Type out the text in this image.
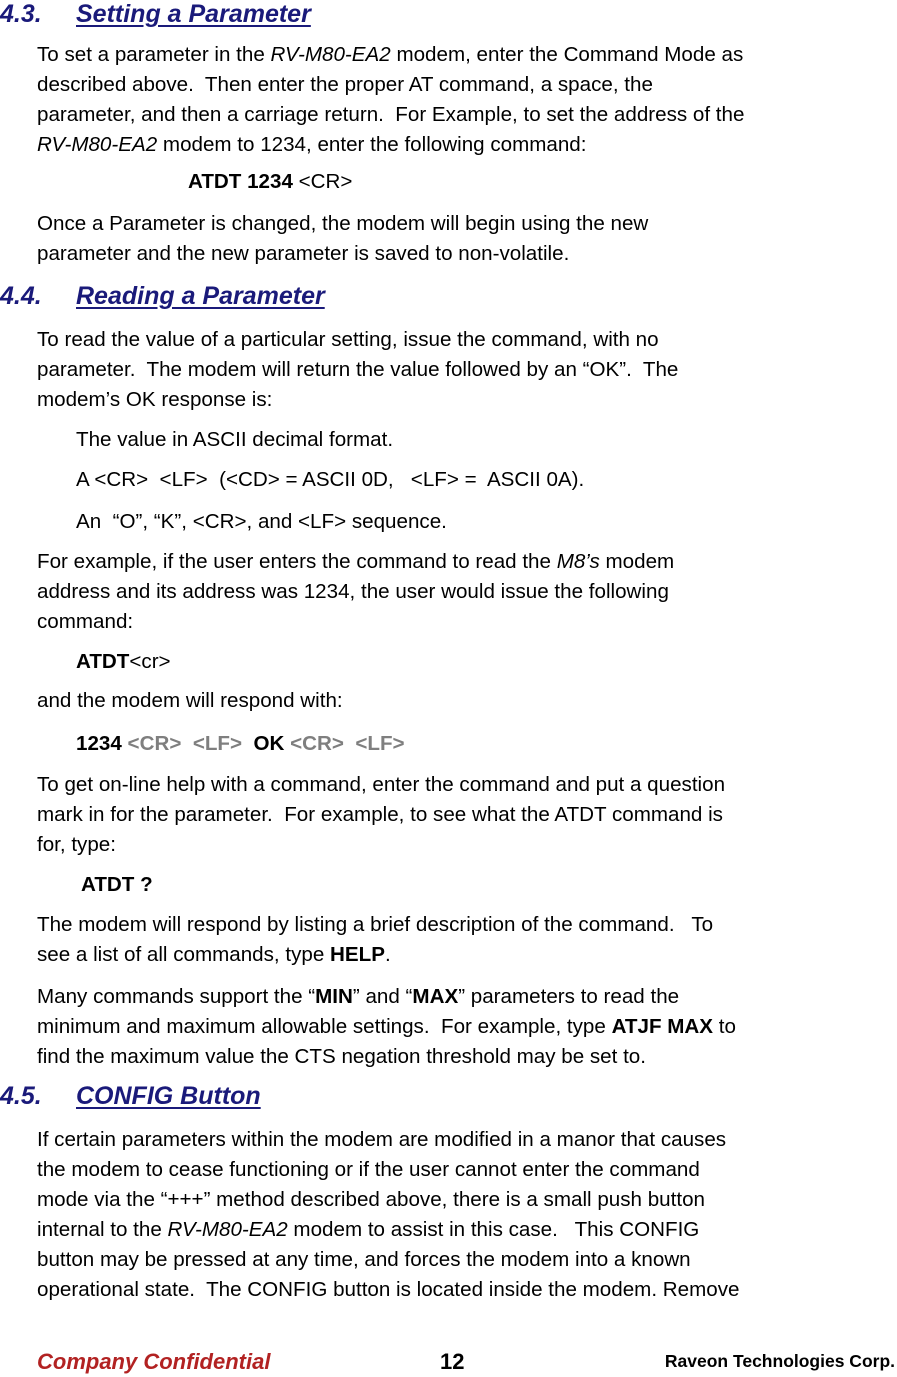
4.3. Setting a Parameter

To set a parameter in the RV-M80-EA2 modem, enter the Command Mode as
described above.  Then enter the proper AT command, a space, the
parameter, and then a carriage return.  For Example, to set the address of the
RV-M80-EA2 modem to 1234, enter the following command:

ATDT 1234 <CR>

Once a Parameter is changed, the modem will begin using the new
parameter and the new parameter is saved to non-volatile.

4.4. Reading a Parameter

To read the value of a particular setting, issue the command, with no
parameter.  The modem will return the value followed by an “OK”.  The
modem’s OK response is:

The value in ASCII decimal format.

A <CR>  <LF>  (<CD> = ASCII 0D,   <LF> =  ASCII 0A).

An  “O”, “K”, <CR>, and <LF> sequence.

For example, if the user enters the command to read the M8’s modem
address and its address was 1234, the user would issue the following
command:

ATDT<cr>

and the modem will respond with:

1234 <CR> <LF> OK <CR> <LF>

To get on-line help with a command, enter the command and put a question
mark in for the parameter.  For example, to see what the ATDT command is
for, type:

ATDT ?

The modem will respond by listing a brief description of the command.   To
see a list of all commands, type HELP.

Many commands support the “MIN” and “MAX” parameters to read the
minimum and maximum allowable settings.  For example, type ATJF MAX to
find the maximum value the CTS negation threshold may be set to.

4.5. CONFIG Button

If certain parameters within the modem are modified in a manor that causes
the modem to cease functioning or if the user cannot enter the command
mode via the “+++” method described above, there is a small push button
internal to the RV-M80-EA2 modem to assist in this case.   This CONFIG
button may be pressed at any time, and forces the modem into a known
operational state.  The CONFIG button is located inside the modem. Remove

Company Confidential	12	Raveon Technologies Corp.
